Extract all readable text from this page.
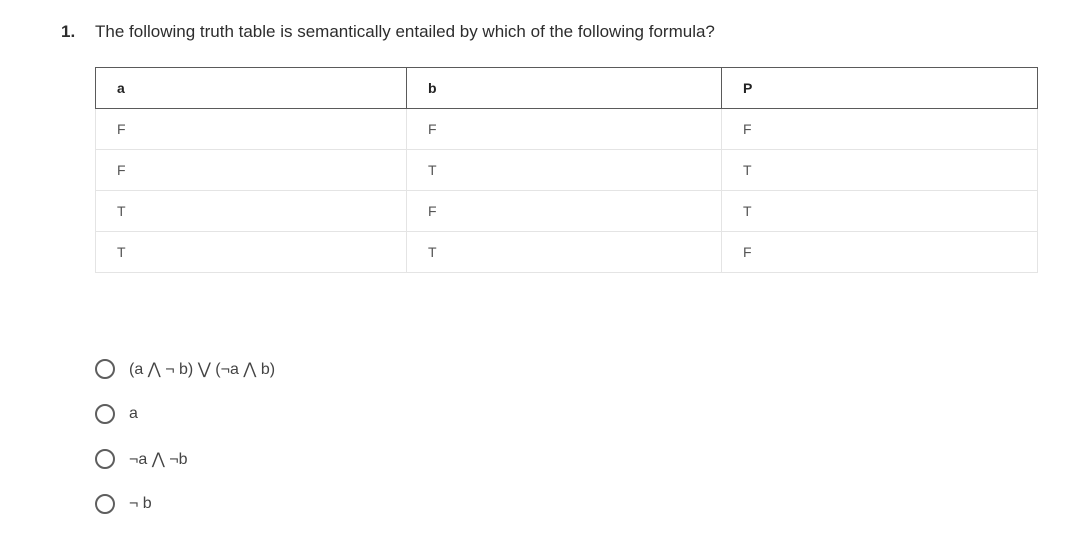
1. The following truth table is semantically entailed by which of the following formula?
a	b	P
F	F	F
F	T	T
T	F	T
T	T	F
(a ⋀ ¬ b) ⋁ (¬a ⋀ b)
a
¬a ⋀ ¬b
¬ b
